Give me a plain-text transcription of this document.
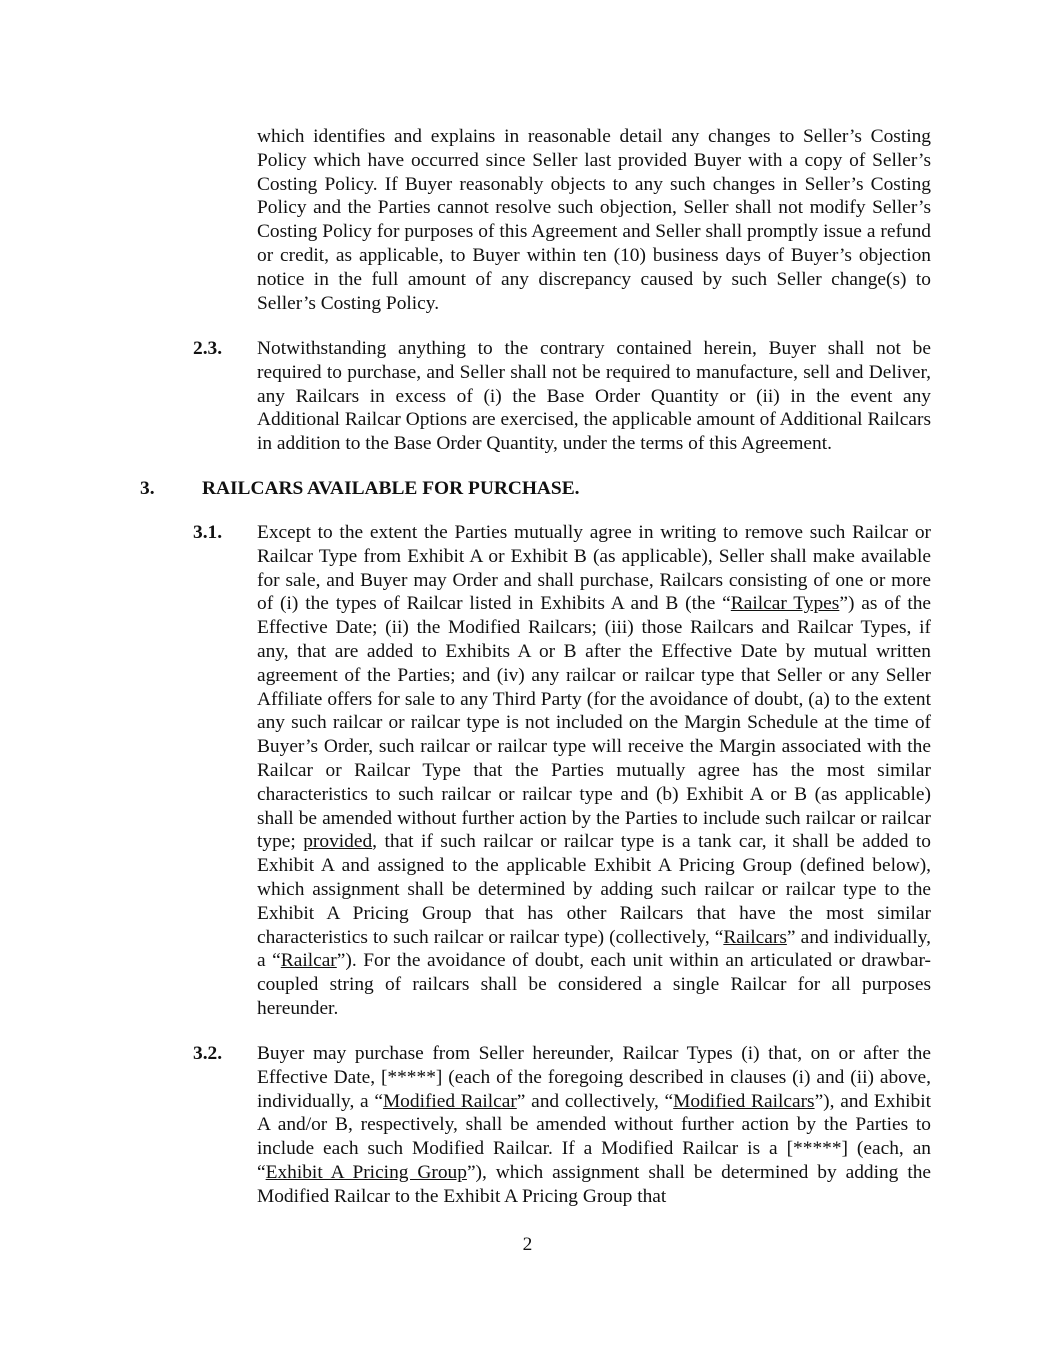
which identifies and explains in reasonable detail any changes to Seller’s Costing Policy which have occurred since Seller last provided Buyer with a copy of Seller’s Costing Policy. If Buyer reasonably objects to any such changes in Seller’s Costing Policy and the Parties cannot resolve such objection, Seller shall not modify Seller’s Costing Policy for purposes of this Agreement and Seller shall promptly issue a refund or credit, as applicable, to Buyer within ten (10) business days of Buyer’s objection notice in the full amount of any discrepancy caused by such Seller change(s) to Seller’s Costing Policy.

2.3. Notwithstanding anything to the contrary contained herein, Buyer shall not be required to purchase, and Seller shall not be required to manufacture, sell and Deliver, any Railcars in excess of (i) the Base Order Quantity or (ii) in the event any Additional Railcar Options are exercised, the applicable amount of Additional Railcars in addition to the Base Order Quantity, under the terms of this Agreement.

3. RAILCARS AVAILABLE FOR PURCHASE.
3.1. Except to the extent the Parties mutually agree in writing to remove such Railcar or Railcar Type from Exhibit A or Exhibit B (as applicable), Seller shall make available for sale, and Buyer may Order and shall purchase, Railcars consisting of one or more of (i) the types of Railcar listed in Exhibits A and B (the “Railcar Types”) as of the Effective Date; (ii) the Modified Railcars; (iii) those Railcars and Railcar Types, if any, that are added to Exhibits A or B after the Effective Date by mutual written agreement of the Parties; and (iv) any railcar or railcar type that Seller or any Seller Affiliate offers for sale to any Third Party (for the avoidance of doubt, (a) to the extent any such railcar or railcar type is not included on the Margin Schedule at the time of Buyer’s Order, such railcar or railcar type will receive the Margin associated with the Railcar or Railcar Type that the Parties mutually agree has the most similar characteristics to such railcar or railcar type and (b) Exhibit A or B (as applicable) shall be amended without further action by the Parties to include such railcar or railcar type; provided, that if such railcar or railcar type is a tank car, it shall be added to Exhibit A and assigned to the applicable Exhibit A Pricing Group (defined below), which assignment shall be determined by adding such railcar or railcar type to the Exhibit A Pricing Group that has other Railcars that have the most similar characteristics to such railcar or railcar type) (collectively, “Railcars” and individually, a “Railcar”). For the avoidance of doubt, each unit within an articulated or drawbar-coupled string of railcars shall be considered a single Railcar for all purposes hereunder.

3.2. Buyer may purchase from Seller hereunder, Railcar Types (i) that, on or after the Effective Date, [*****] (each of the foregoing described in clauses (i) and (ii) above, individually, a “Modified Railcar” and collectively, “Modified Railcars”), and Exhibit A and/or B, respectively, shall be amended without further action by the Parties to include each such Modified Railcar. If a Modified Railcar is a [*****] (each, an “Exhibit A Pricing Group”), which assignment shall be determined by adding the Modified Railcar to the Exhibit A Pricing Group that

2
